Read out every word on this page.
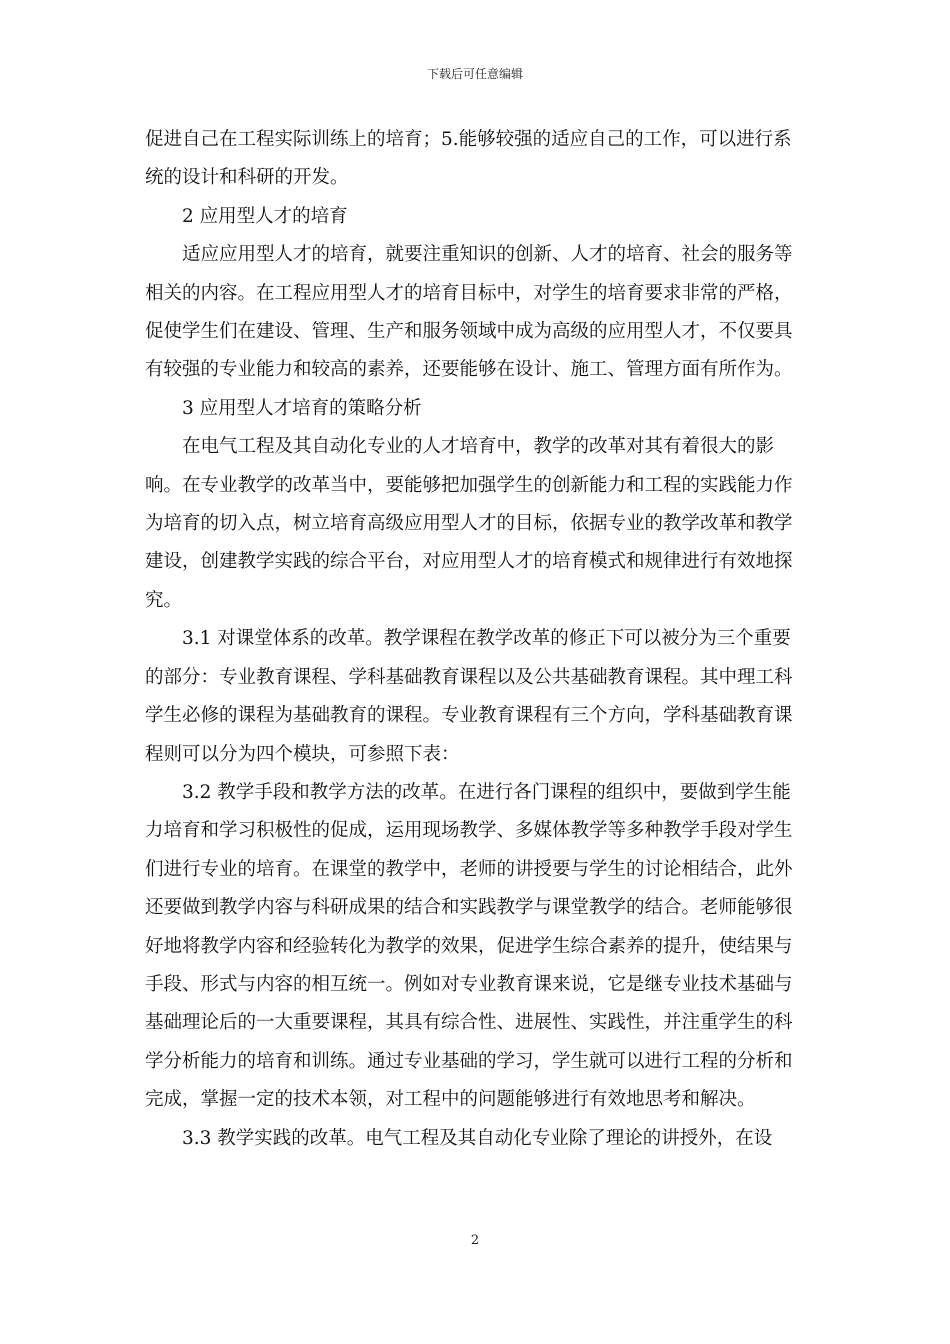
下载后可任意编辑

促进自己在工程实际训练上的培育；5.能够较强的适应自己的工作，可以进行系统的设计和科研的开发。

2 应用型人才的培育

适应应用型人才的培育，就要注重知识的创新、人才的培育、社会的服务等相关的内容。在工程应用型人才的培育目标中，对学生的培育要求非常的严格，促使学生们在建设、管理、生产和服务领域中成为高级的应用型人才，不仅要具有较强的专业能力和较高的素养，还要能够在设计、施工、管理方面有所作为。

3 应用型人才培育的策略分析

在电气工程及其自动化专业的人才培育中，教学的改革对其有着很大的影响。在专业教学的改革当中，要能够把加强学生的创新能力和工程的实践能力作为培育的切入点，树立培育高级应用型人才的目标，依据专业的教学改革和教学建设，创建教学实践的综合平台，对应用型人才的培育模式和规律进行有效地探究。

3.1 对课堂体系的改革。教学课程在教学改革的修正下可以被分为三个重要的部分：专业教育课程、学科基础教育课程以及公共基础教育课程。其中理工科学生必修的课程为基础教育的课程。专业教育课程有三个方向，学科基础教育课程则可以分为四个模块，可参照下表：

3.2 教学手段和教学方法的改革。在进行各门课程的组织中，要做到学生能力培育和学习积极性的促成，运用现场教学、多媒体教学等多种教学手段对学生们进行专业的培育。在课堂的教学中，老师的讲授要与学生的讨论相结合，此外还要做到教学内容与科研成果的结合和实践教学与课堂教学的结合。老师能够很好地将教学内容和经验转化为教学的效果，促进学生综合素养的提升，使结果与手段、形式与内容的相互统一。例如对专业教育课来说，它是继专业技术基础与基础理论后的一大重要课程，其具有综合性、进展性、实践性，并注重学生的科学分析能力的培育和训练。通过专业基础的学习，学生就可以进行工程的分析和完成，掌握一定的技术本领，对工程中的问题能够进行有效地思考和解决。

3.3 教学实践的改革。电气工程及其自动化专业除了理论的讲授外，在设

2
